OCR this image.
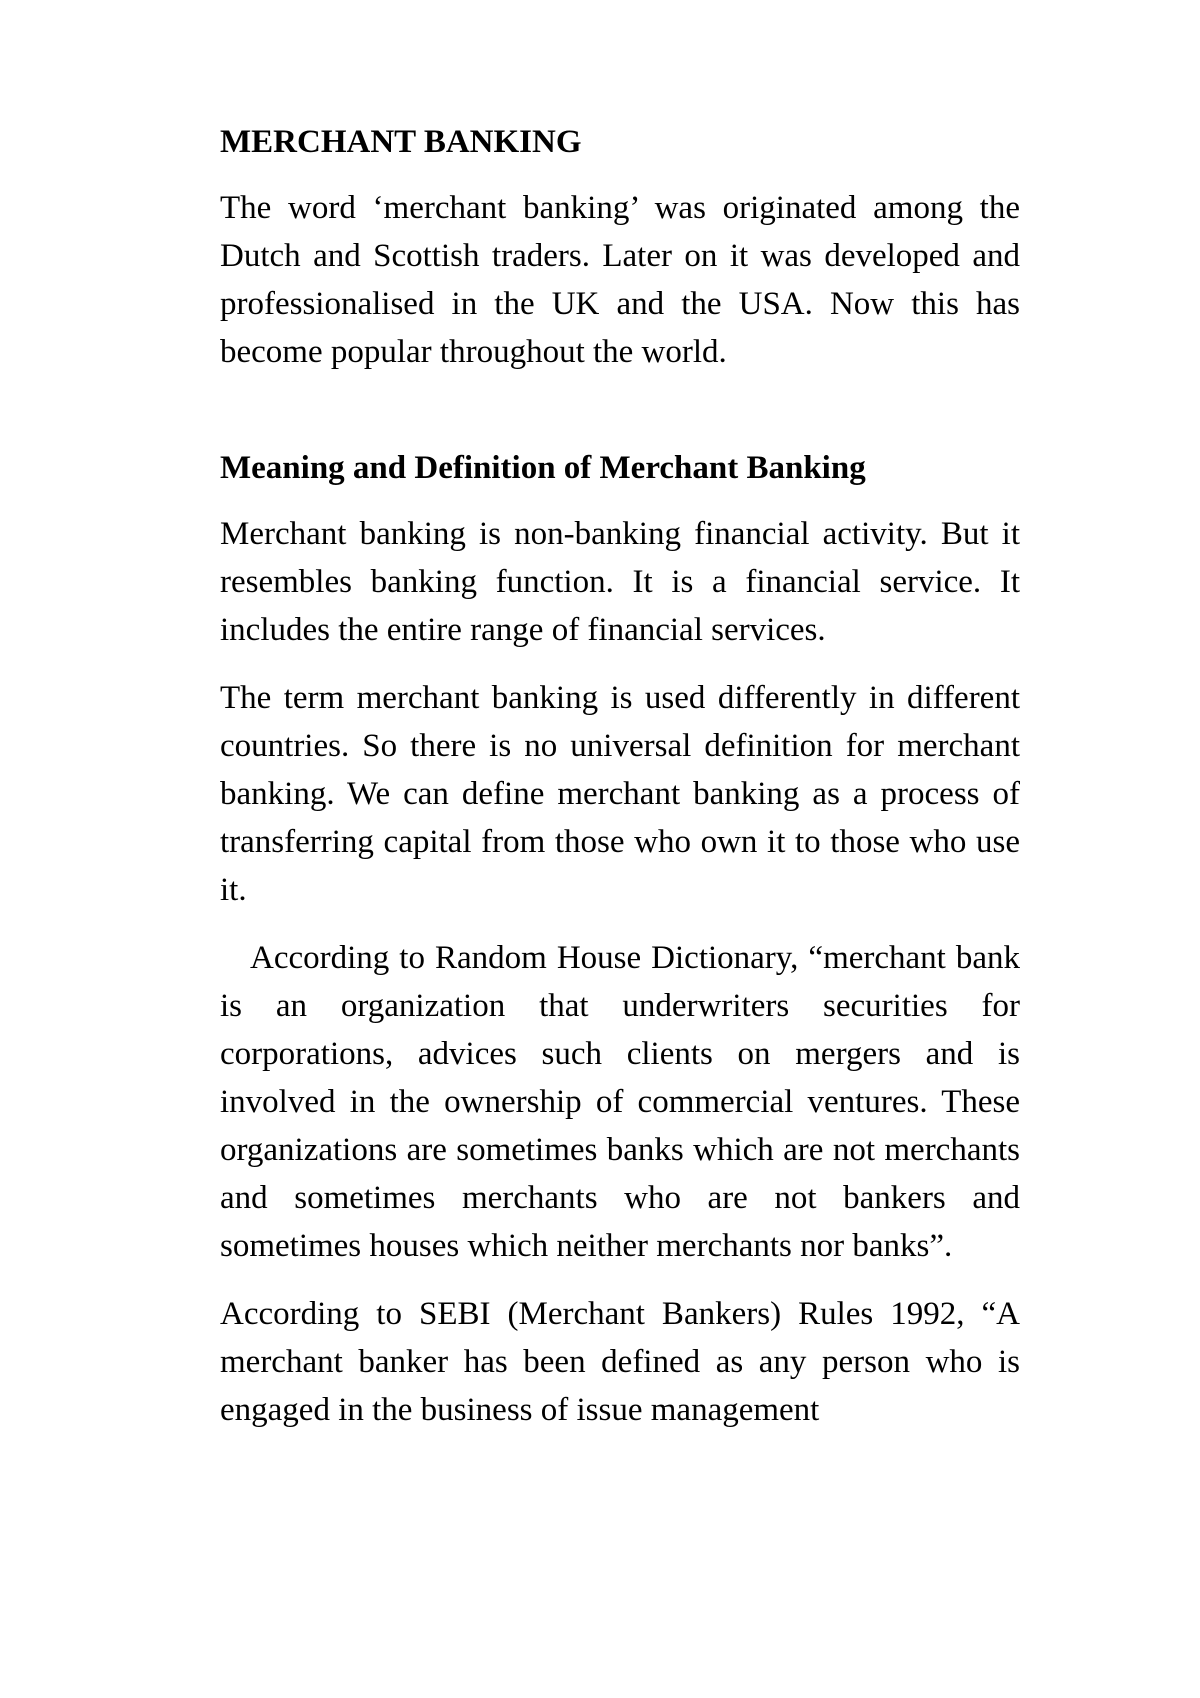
MERCHANT BANKING

The word ‘merchant banking’ was originated among the Dutch and Scottish traders. Later on it was developed and professionalised in the UK and the USA. Now this has become popular throughout the world.

Meaning and Definition of Merchant Banking

Merchant banking is non-banking financial activity. But it resembles banking function. It is a financial service. It includes the entire range of financial services.

The term merchant banking is used differently in different countries. So there is no universal definition for merchant banking. We can define merchant banking as a process of transferring capital from those who own it to those who use it.

According to Random House Dictionary, “merchant bank is an organization that underwriters securities for corporations, advices such clients on mergers and is involved in the ownership of commercial ventures. These organizations are sometimes banks which are not merchants and sometimes merchants who are not bankers and sometimes houses which neither merchants nor banks”.

According to SEBI (Merchant Bankers) Rules 1992, “A merchant banker has been defined as any person who is engaged in the business of issue management
